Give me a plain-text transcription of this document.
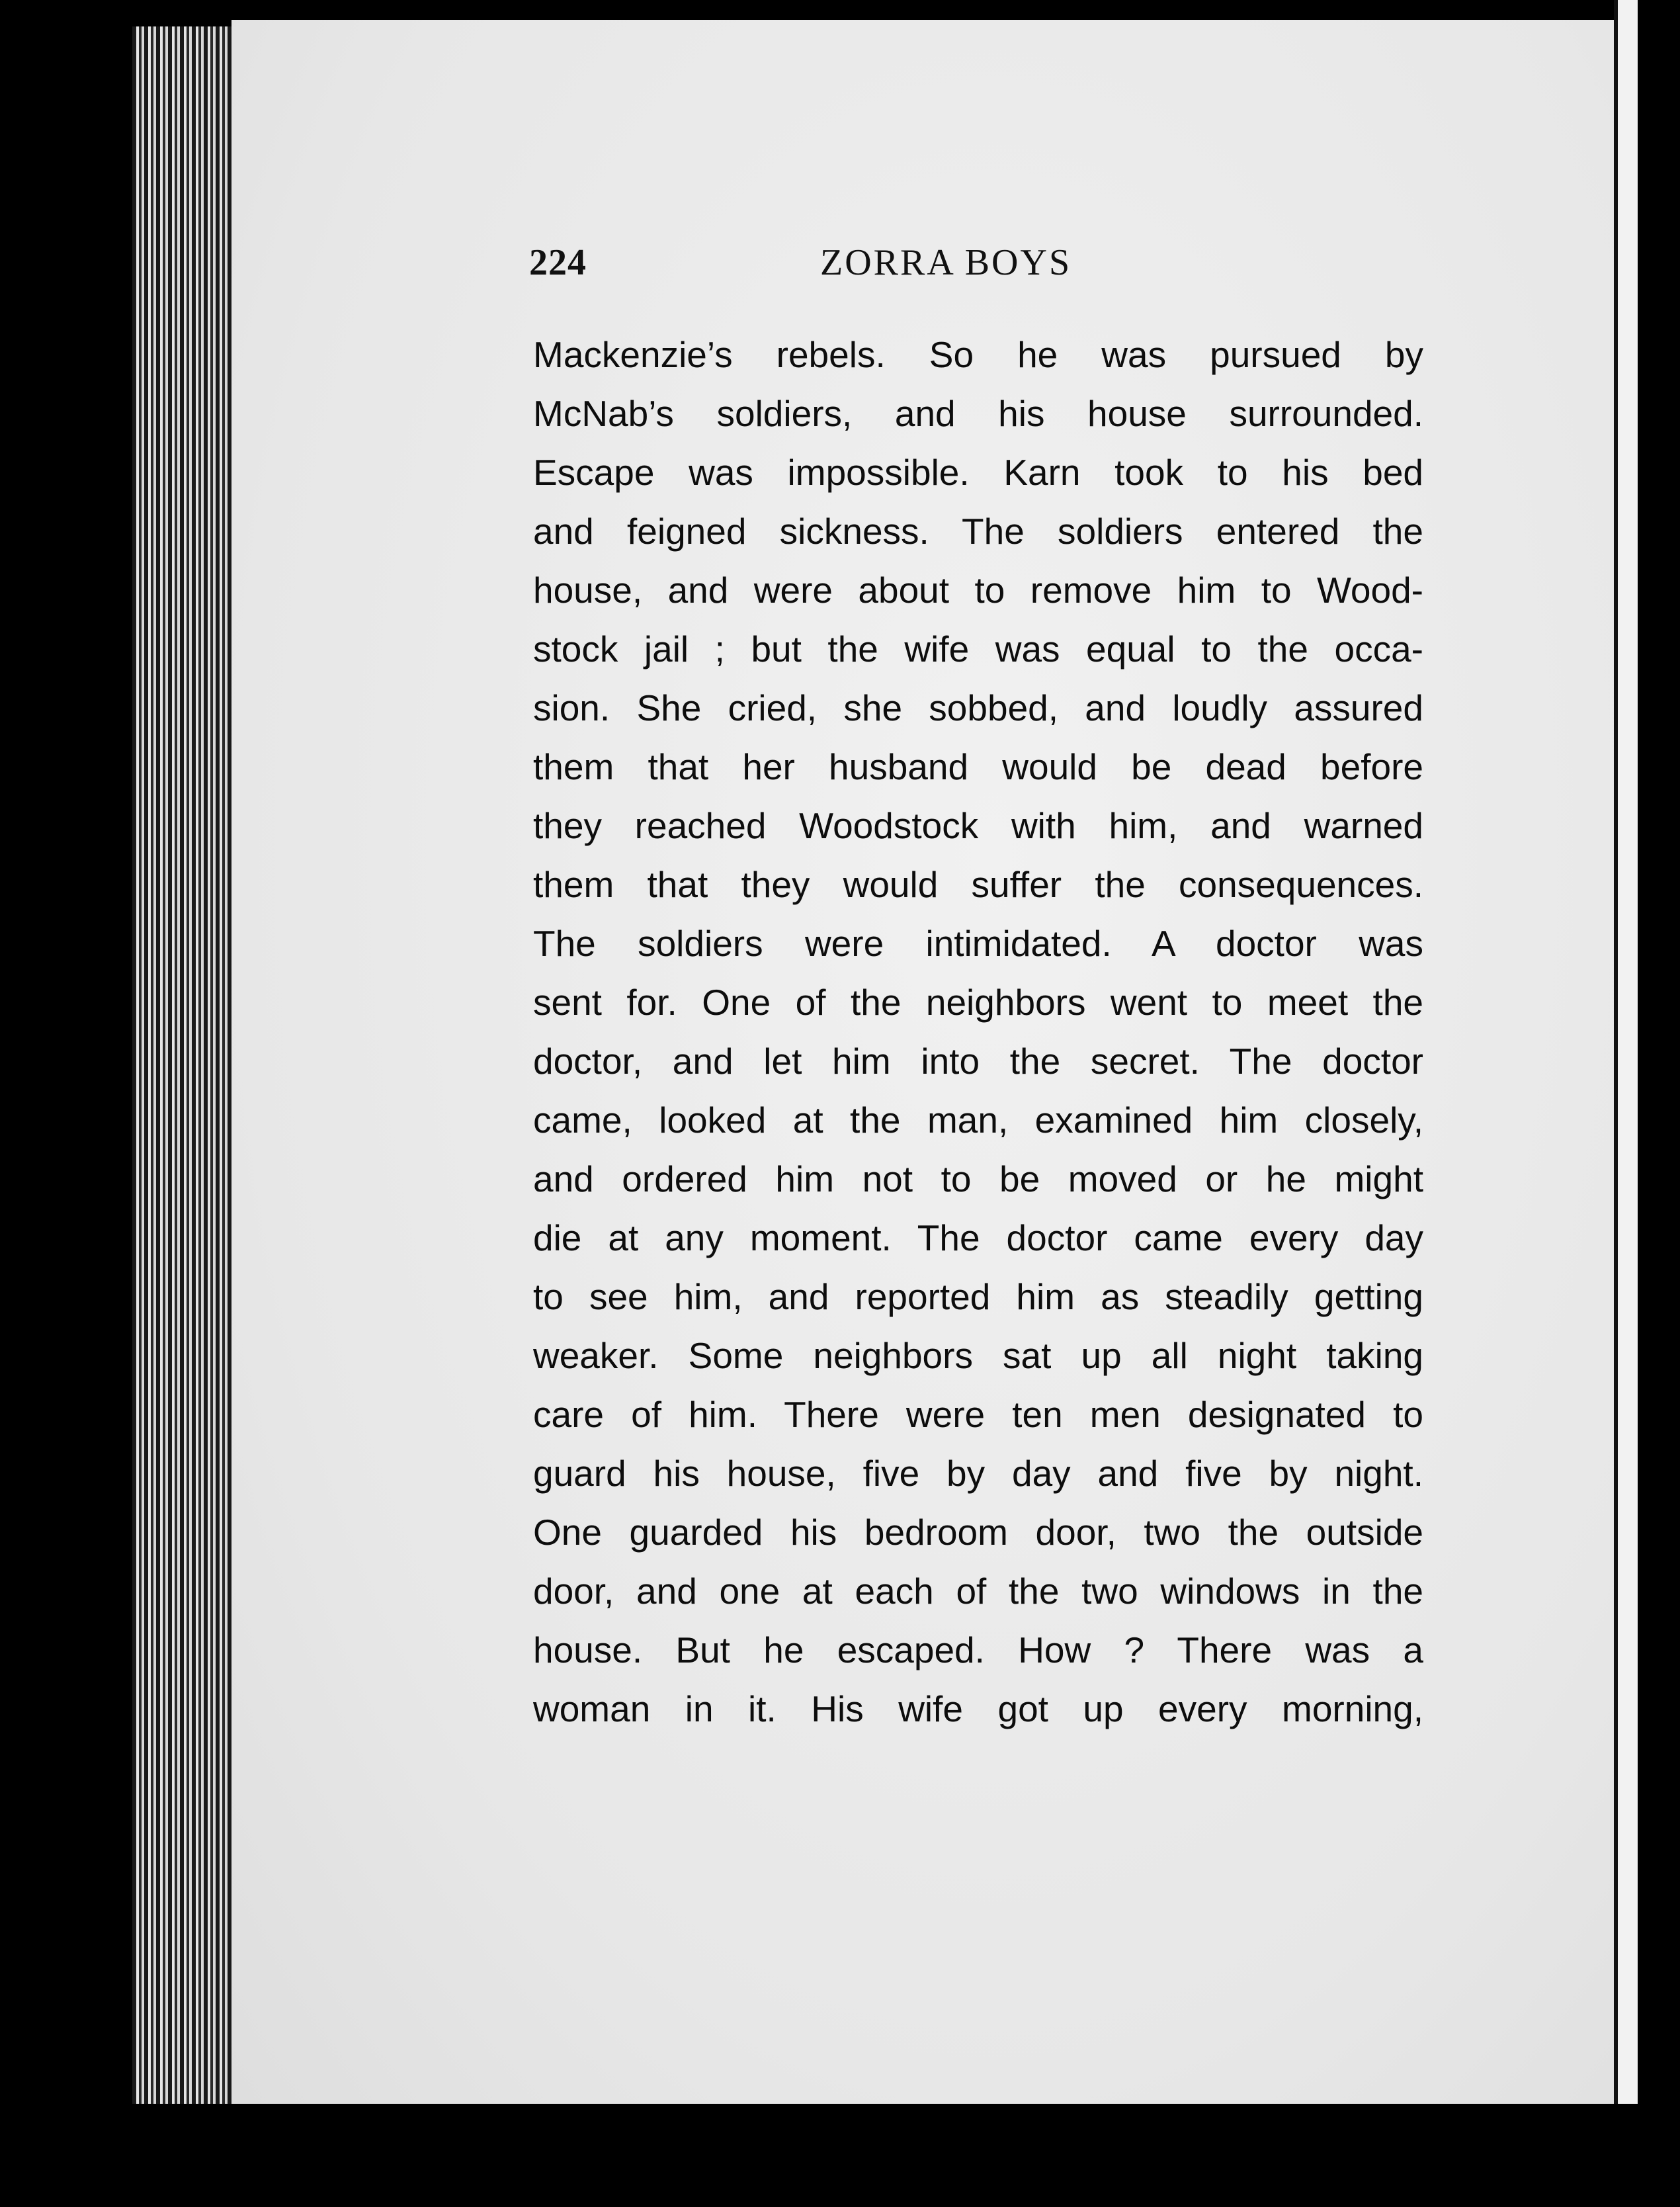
224	ZORRA BOYS
Mackenzie’s rebels. So he was pursued by
McNab’s soldiers, and his house surrounded.
Escape was impossible. Karn took to his bed
and feigned sickness. The soldiers entered the
house, and were about to remove him to Wood-
stock jail ; but the wife was equal to the occa-
sion. She cried, she sobbed, and loudly assured
them that her husband would be dead before
they reached Woodstock with him, and warned
them that they would suffer the consequences.
The soldiers were intimidated. A doctor was
sent for. One of the neighbors went to meet the
doctor, and let him into the secret. The doctor
came, looked at the man, examined him closely,
and ordered him not to be moved or he might
die at any moment. The doctor came every day
to see him, and reported him as steadily getting
weaker. Some neighbors sat up all night taking
care of him. There were ten men designated to
guard his house, five by day and five by night.
One guarded his bedroom door, two the outside
door, and one at each of the two windows in the
house. But he escaped. How ? There was a
woman in it. His wife got up every morning,
